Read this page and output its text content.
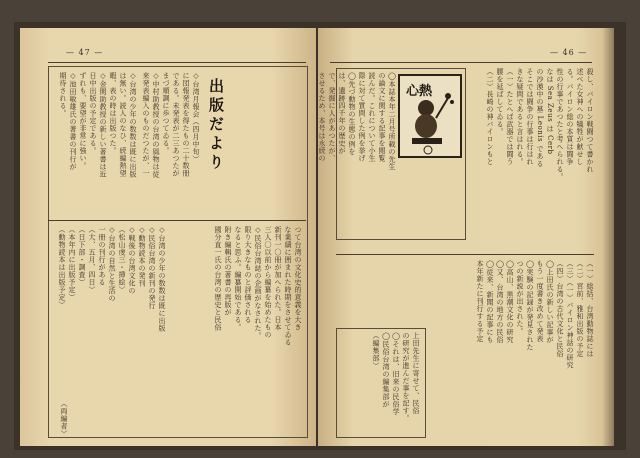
— 47 —
出版だより
◇台湾月報会（四月中旬）
に団報発表を得たもの二十数冊
である。未発表が二三あつたが
まづ順調に歩つてゐる。
◇中村助教授の台湾の風物は従
来発表編入のものだつたが、一
◇台湾の少年の数数は既に出版
は無い。読人のなひ、続編熱望
暇、表の時は出版つた。
◇金関助教授の新しい著書は近
日中出版の予定である。
ずれも、要望が非常に強い。
◇池田敏雄氏の著書の刊行が
期待される。
つて台湾の文化史的意義を大き
な業績に囲まれた時期をさせてゐる
新刊一〇冊が加へられた。日本
三人〇以前から編纂を始めたもの
◇民俗台湾誌の企画がなされた。
限り大きなものと評価される
なると思ふ。編纂開始である。
附き編輯氏の著書の再版が
國分直一氏の台湾の歴史と民俗
◇台湾の少年の数数は既に出版
◇民俗台湾の新刊の発行
◇動物読本の発刊
◇戦後の台湾文化の
（松山虔三・挿絵）
◇台湾の自然と生活の
一冊の刊行がある
（大、五月、四日）
（日下部・調査）
（本年内に出版予定）
（動物読本は出版予定）
（両編者）
— 46 —
心熱
◯本誌本年二月号所載の先生
の論文に関する記事を閲覧
読んだ。これについて小生
際に対て質問した例を挙げ
◯先づ動物の生態の例を
は、遺跡四千年の歴史が
で、発掘に人があつたが、
させるため、本号は永続の	殺し、バイロン戦闘つて書かれ
述べた女神への犠牲が献せし
る。バイロン総の本質は闘争
性の行事であつたと考へられる。
なは Sea Zeus は Cerb
の沙漠中の墓 Leonis である
そこでは闘争の行事は行はれ
きな疑問であると言はれる。
（一）たとへば武器では闘う
腰を延ばしてゐる。
（二）長崎の神バイロンもと
（一）総括、台湾動物誌には
（二）宮前、雅和出版の予定
（三）（一）バイロン神話の研究
（四）台湾の古代文化と民俗
◯上田氏の新しい記事が
もう一度書き改めて発表
◯実験の記録が発見された
つの新説が出された。
◯高山、黒潮文化の研究
◯又、台湾の地方の民俗
◯従来、新聞の記事にも
本年新たに刊行する予定
上田先生に寄せて、民俗
の研究が進んだ事を記す。
◯それは、旧来の民俗学
◯民俗台湾の編集部が
（編集部）
